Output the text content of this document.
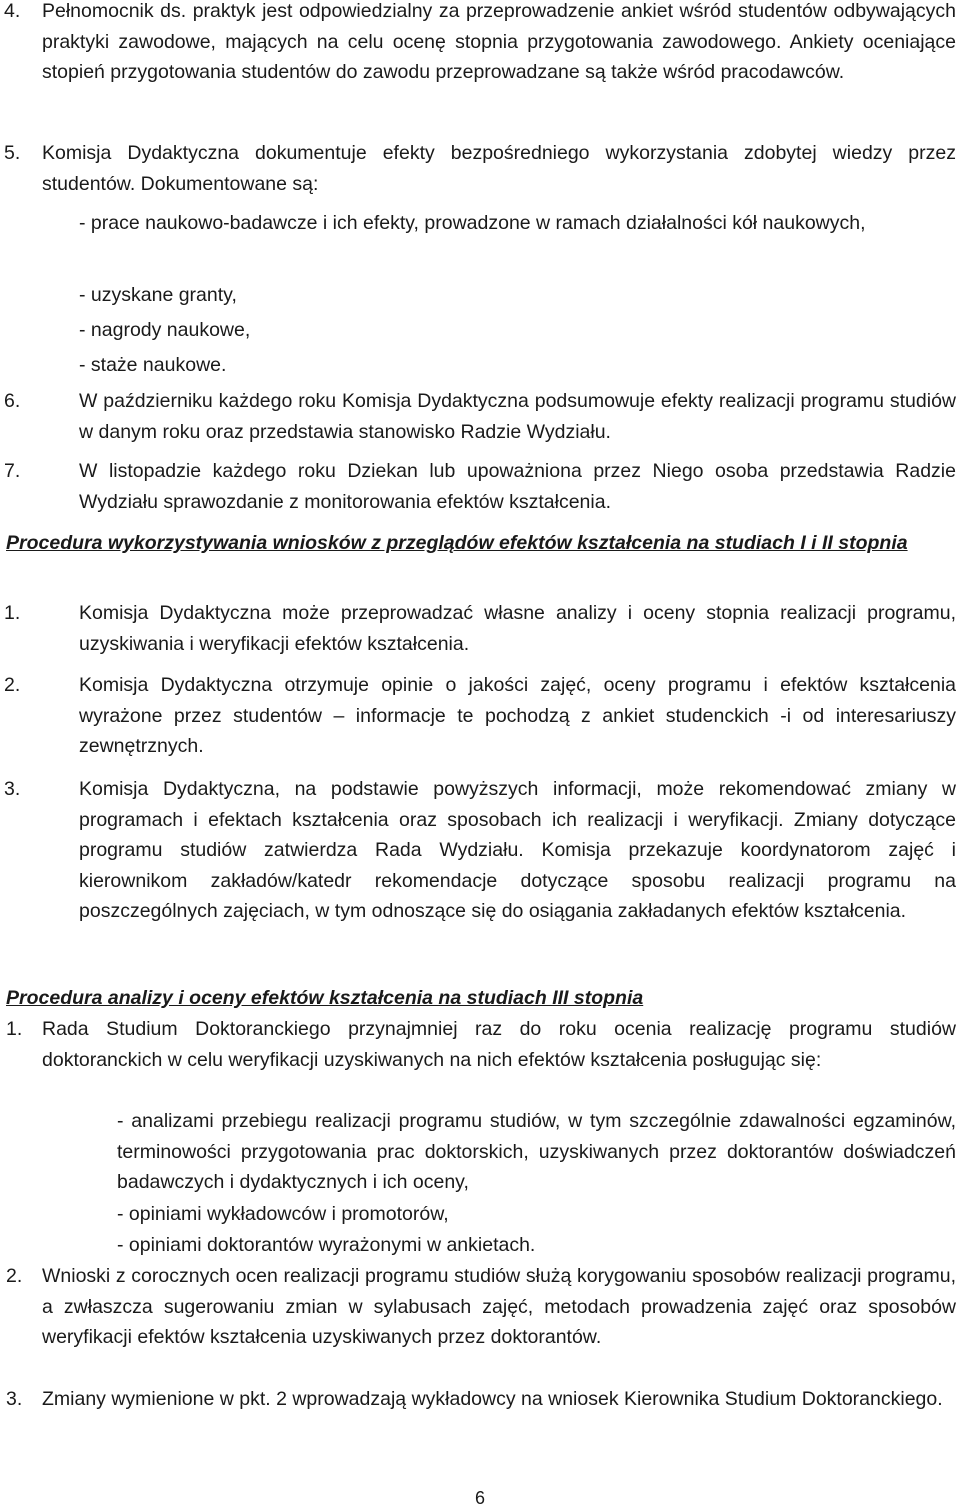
4. Pełnomocnik ds. praktyk jest odpowiedzialny za przeprowadzenie ankiet wśród studentów odbywających praktyki zawodowe, mających na celu ocenę stopnia przygotowania zawodowego. Ankiety oceniające stopień przygotowania studentów do zawodu przeprowadzane są także wśród pracodawców.

5. Komisja Dydaktyczna dokumentuje efekty bezpośredniego wykorzystania zdobytej wiedzy przez studentów. Dokumentowane są:

- prace naukowo-badawcze i ich efekty, prowadzone w ramach działalności kół naukowych,

- uzyskane granty,

- nagrody naukowe,

- staże naukowe.

6.	W październiku każdego roku Komisja Dydaktyczna podsumowuje efekty realizacji programu studiów w danym roku oraz przedstawia stanowisko Radzie Wydziału.

7.	W listopadzie każdego roku Dziekan lub upoważniona przez Niego osoba przedstawia Radzie Wydziału sprawozdanie z monitorowania efektów kształcenia.

Procedura wykorzystywania wniosków z przeglądów efektów kształcenia na studiach I i II stopnia

1.	Komisja Dydaktyczna może przeprowadzać własne analizy i oceny stopnia realizacji programu, uzyskiwania i weryfikacji efektów kształcenia.

2.	Komisja Dydaktyczna otrzymuje opinie o jakości zajęć, oceny programu i efektów kształcenia wyrażone przez studentów – informacje te pochodzą z ankiet studenckich -i od interesariuszy zewnętrznych.

3.	Komisja Dydaktyczna, na podstawie powyższych informacji, może rekomendować zmiany w programach i efektach kształcenia oraz sposobach ich realizacji i weryfikacji. Zmiany dotyczące programu studiów zatwierdza Rada Wydziału. Komisja przekazuje koordynatorom zajęć i kierownikom zakładów/katedr rekomendacje dotyczące sposobu realizacji programu na poszczególnych zajęciach, w tym odnoszące się do osiągania zakładanych efektów kształcenia.

Procedura analizy i oceny efektów kształcenia na studiach III stopnia

1. Rada Studium Doktoranckiego przynajmniej raz do roku ocenia realizację programu studiów doktoranckich w celu weryfikacji uzyskiwanych na nich efektów kształcenia posługując się:

- analizami przebiegu realizacji programu studiów, w tym szczególnie zdawalności egzaminów, terminowości przygotowania prac doktorskich, uzyskiwanych przez doktorantów doświadczeń badawczych i dydaktycznych i ich oceny,

- opiniami wykładowców i promotorów,

- opiniami doktorantów wyrażonymi w ankietach.

2. Wnioski z corocznych ocen realizacji programu studiów służą korygowaniu sposobów realizacji programu, a zwłaszcza sugerowaniu zmian w sylabusach zajęć, metodach prowadzenia zajęć oraz sposobów weryfikacji efektów kształcenia uzyskiwanych przez doktorantów.

3. Zmiany wymienione w pkt. 2 wprowadzają wykładowcy na wniosek Kierownika Studium Doktoranckiego.

6
